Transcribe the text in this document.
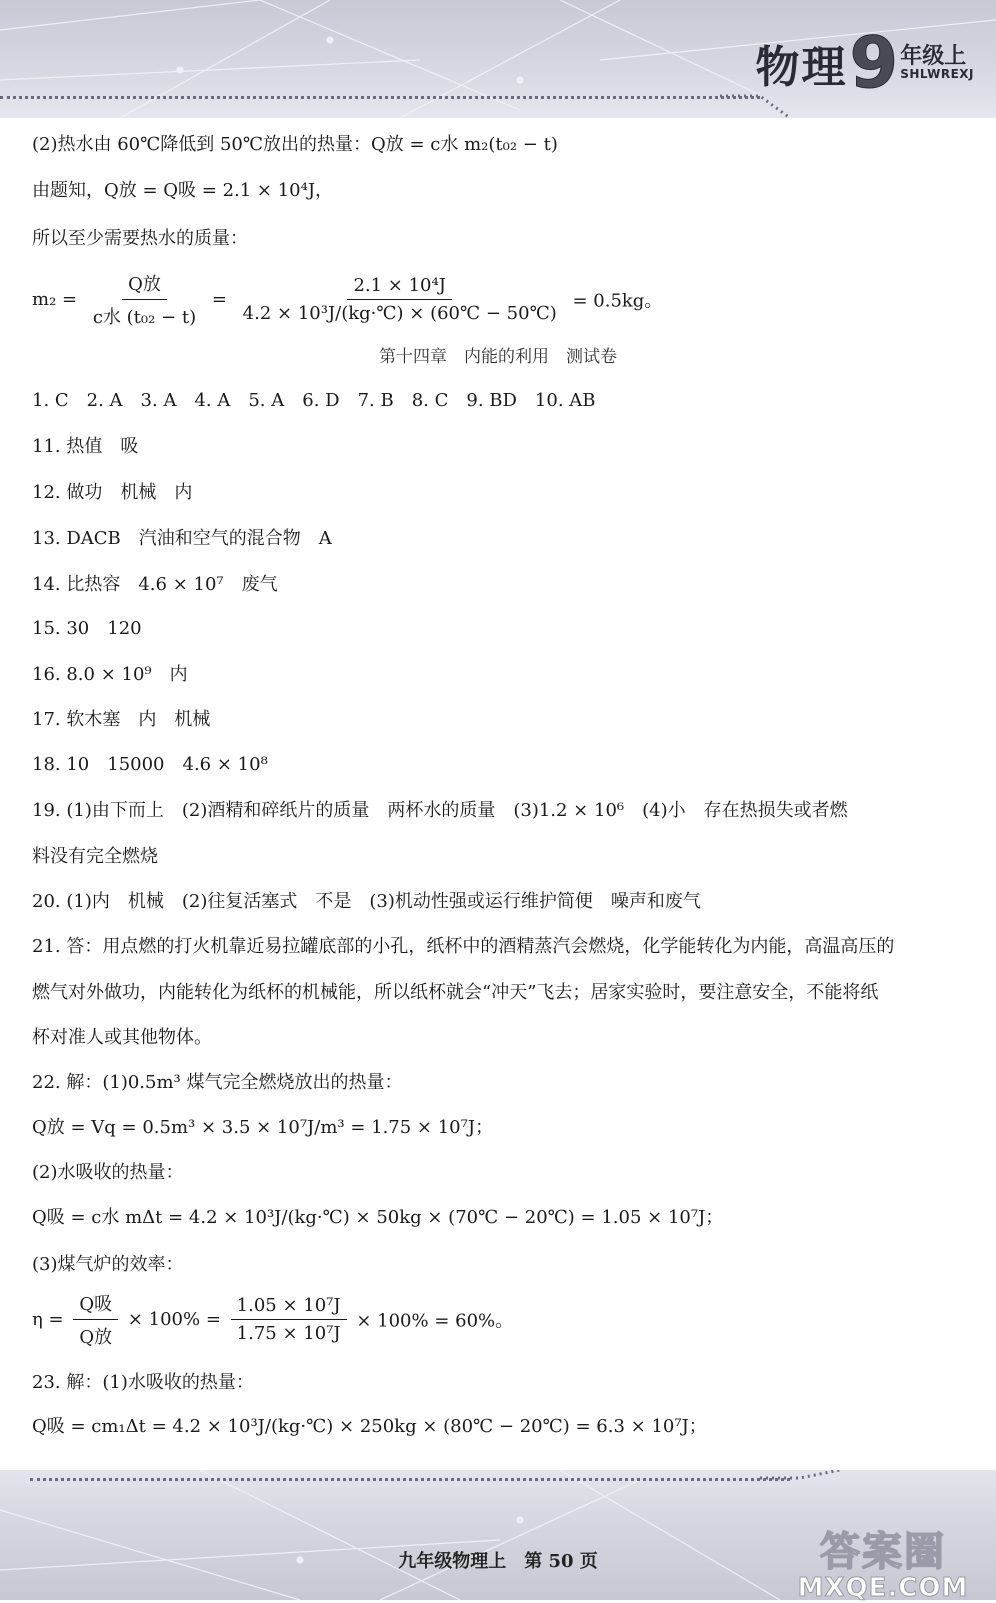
物理 9 年级上
SHLWREXJ
(2)热水由 60℃降低到 50℃放出的热量：Q放 = c水 m₂(t₀₂ − t)
由题知，Q放 = Q吸 = 2.1 × 10⁴J，
所以至少需要热水的质量：
$m_2 = \frac{\text{Q放}}{\text{c水 (t₀₂ − t)}} = \frac{\text{2.1 × 10⁴J}}{\text{4.2 × 10³J/(kg·℃) × (60℃ − 50℃)}} = 0.5kg$。
第十四章　内能的利用　测试卷
1. C　2. A　3. A　4. A　5. A　6. D　7. B　8. C　9. BD　10. AB
11. 热值　吸
12. 做功　机械　内
13. DACB　汽油和空气的混合物　A
14. 比热容　4.6 × 10⁷　废气
15. 30　120
16. 8.0 × 10⁹　内
17. 软木塞　内　机械
18. 10　15000　4.6 × 10⁸
19. (1)由下而上　(2)酒精和碎纸片的质量　两杯水的质量　(3)1.2 × 10⁶　(4)小　存在热损失或者燃
料没有完全燃烧
20. (1)内　机械　(2)往复活塞式　不是　(3)机动性强或运行维护简便　噪声和废气
21. 答：用点燃的打火机靠近易拉罐底部的小孔，纸杯中的酒精蒸汽会燃烧，化学能转化为内能，高温高压的
燃气对外做功，内能转化为纸杯的机械能，所以纸杯就会“冲天”飞去；居家实验时，要注意安全，不能将纸
杯对准人或其他物体。
22. 解：(1)0.5m³ 煤气完全燃烧放出的热量：
Q放 = Vq = 0.5m³ × 3.5 × 10⁷J/m³ = 1.75 × 10⁷J；
(2)水吸收的热量：
Q吸 = c水 mΔt = 4.2 × 10³J/(kg·℃) × 50kg × (70℃ − 20℃) = 1.05 × 10⁷J；
(3)煤气炉的效率：
$\eta = \frac{\text{Q吸}}{\text{Q放}} \times 100\% = \frac{\text{1.05 × 10⁷J}}{\text{1.75 × 10⁷J}} \times 100\% = 60\%$。
23. 解：(1)水吸收的热量：
Q吸 = cm₁Δt = 4.2 × 10³J/(kg·℃) × 250kg × (80℃ − 20℃) = 6.3 × 10⁷J；
九年级物理上　第 50 页	答案圈
MXQE.COM
